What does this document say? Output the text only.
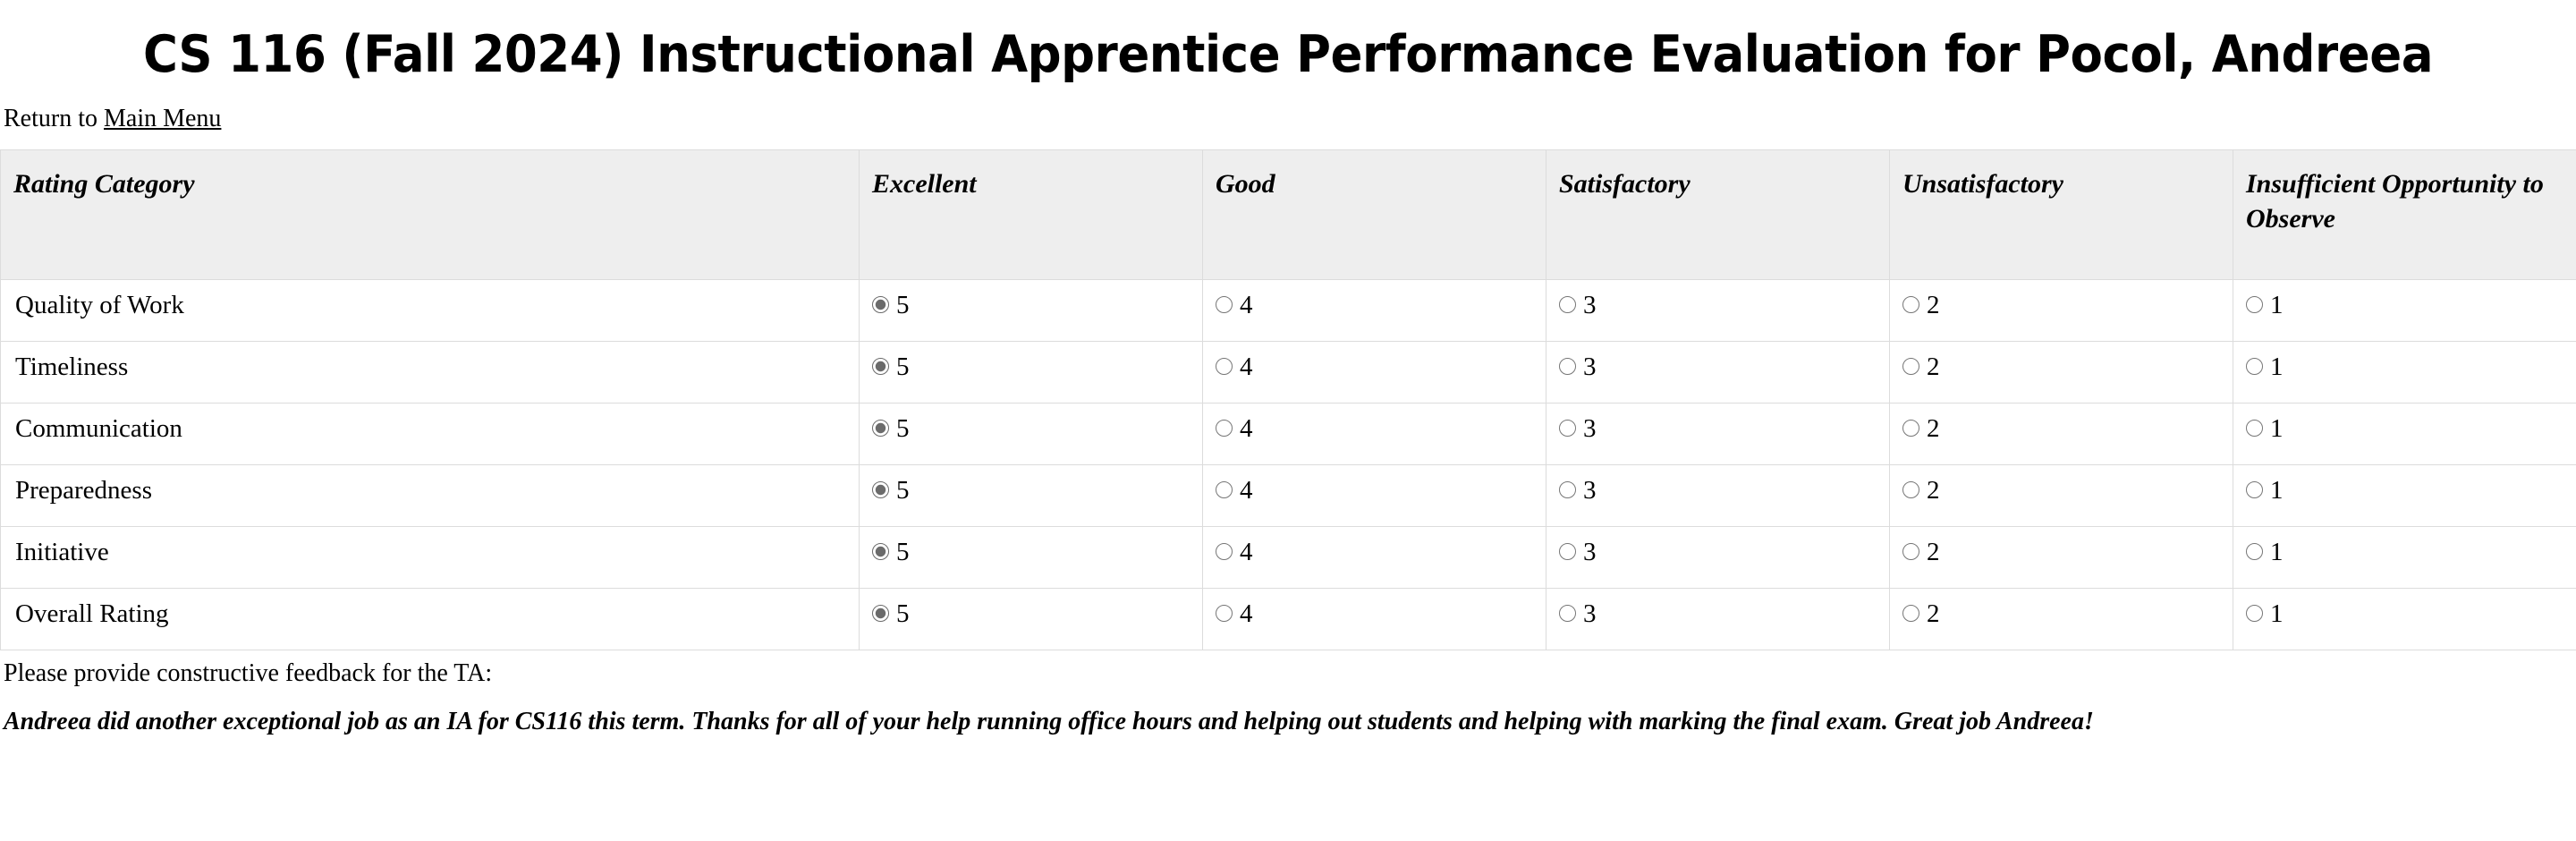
CS 116 (Fall 2024) Instructional Apprentice Performance Evaluation for Pocol, Andreea
Return to Main Menu
Rating Category	Excellent	Good	Satisfactory	Unsatisfactory	Insufficient Opportunity to Observe
Quality of Work	5	4	3	2	1

Timeliness	5	4	3	2	1

Communication	5	4	3	2	1

Preparedness	5	4	3	2	1

Initiative	5	4	3	2	1

Overall Rating	5	4	3	2	1
Please provide constructive feedback for the TA:
Andreea did another exceptional job as an IA for CS116 this term. Thanks for all of your help running office hours and helping out students and helping with marking the final exam. Great job Andreea!
